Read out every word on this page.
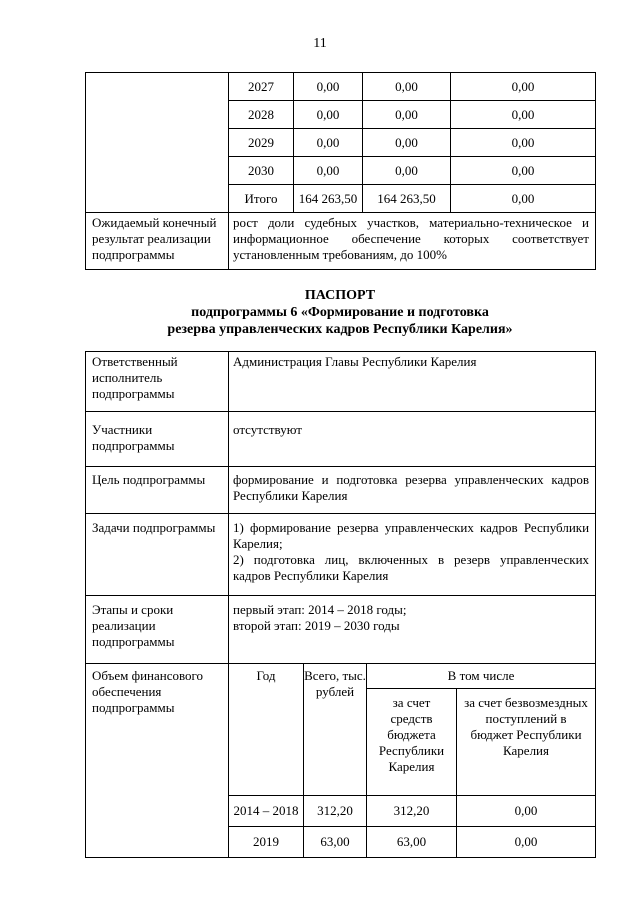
11
	2027	0,00	0,00	0,00
	2028	0,00	0,00	0,00
	2029	0,00	0,00	0,00
	2030	0,00	0,00	0,00
	Итого	164 263,50	164 263,50	0,00
Ожидаемый конечный результат реализации подпрограммы	рост доли судебных участков, материально-техническое и информационное обеспечение которых соответствует установленным требованиям, до 100%			
ПАСПОРТ
подпрограммы 6 «Формирование и подготовка
резерва управленческих кадров Республики Карелия»
Ответственный исполнитель подпрограммы	Администрация Главы Республики Карелия			
Участники подпрограммы	отсутствуют			
Цель подпрограммы	формирование и подготовка резерва управленческих кадров Республики Карелия			
Задачи подпрограммы	1) формирование резерва управленческих кадров Республики Карелия;
2) подготовка лиц, включенных в резерв управленческих кадров Республики Карелия			

Этапы и сроки реализации подпрограммы	первый этап: 2014 – 2018 годы;
второй этап: 2019 – 2030 годы			

Объем финансового обеспечения подпрограммы	Год	Всего, тыс. рублей	В том числе	
			за счет средств бюджета Республики Карелия	за счет безвозмездных поступлений в бюджет Республики Карелия
	2014 – 2018	312,20	312,20	0,00
	2019	63,00	63,00	0,00
